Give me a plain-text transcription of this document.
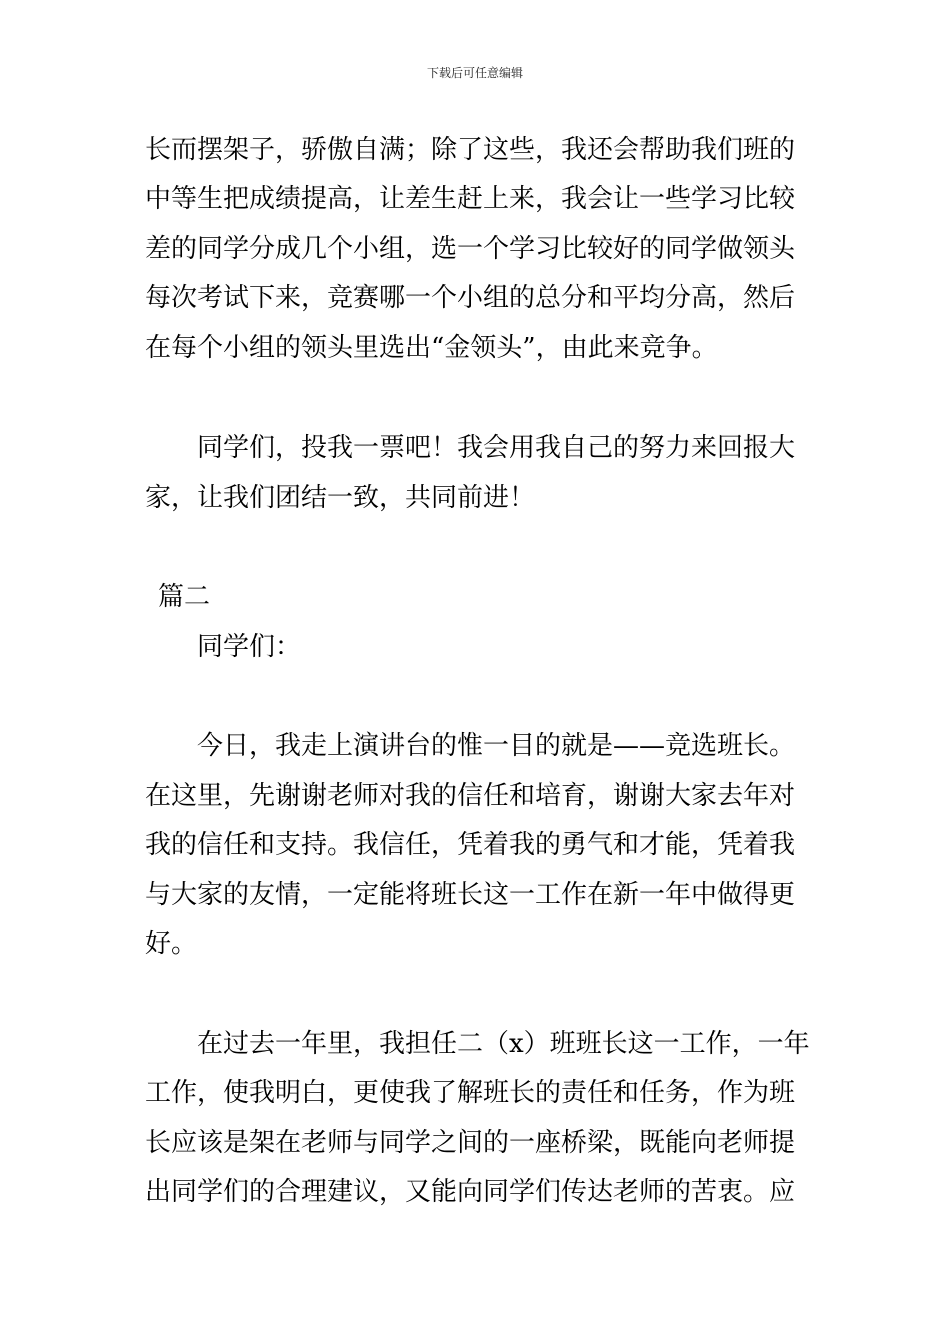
下载后可任意编辑
长而摆架子，骄傲自满；除了这些，我还会帮助我们班的
中等生把成绩提高，让差生赶上来，我会让一些学习比较
差的同学分成几个小组，选一个学习比较好的同学做领头
每次考试下来，竞赛哪一个小组的总分和平均分高，然后
在每个小组的领头里选出“金领头”，由此来竞争。
同学们，投我一票吧！我会用我自己的努力来回报大
家，让我们团结一致，共同前进！
篇二
同学们：
今日，我走上演讲台的惟一目的就是——竞选班长。
在这里，先谢谢老师对我的信任和培育，谢谢大家去年对
我的信任和支持。我信任，凭着我的勇气和才能，凭着我
与大家的友情，一定能将班长这一工作在新一年中做得更
好。
在过去一年里，我担任二（x）班班长这一工作，一年
工作，使我明白，更使我了解班长的责任和任务，作为班
长应该是架在老师与同学之间的一座桥梁，既能向老师提
出同学们的合理建议，又能向同学们传达老师的苦衷。应
